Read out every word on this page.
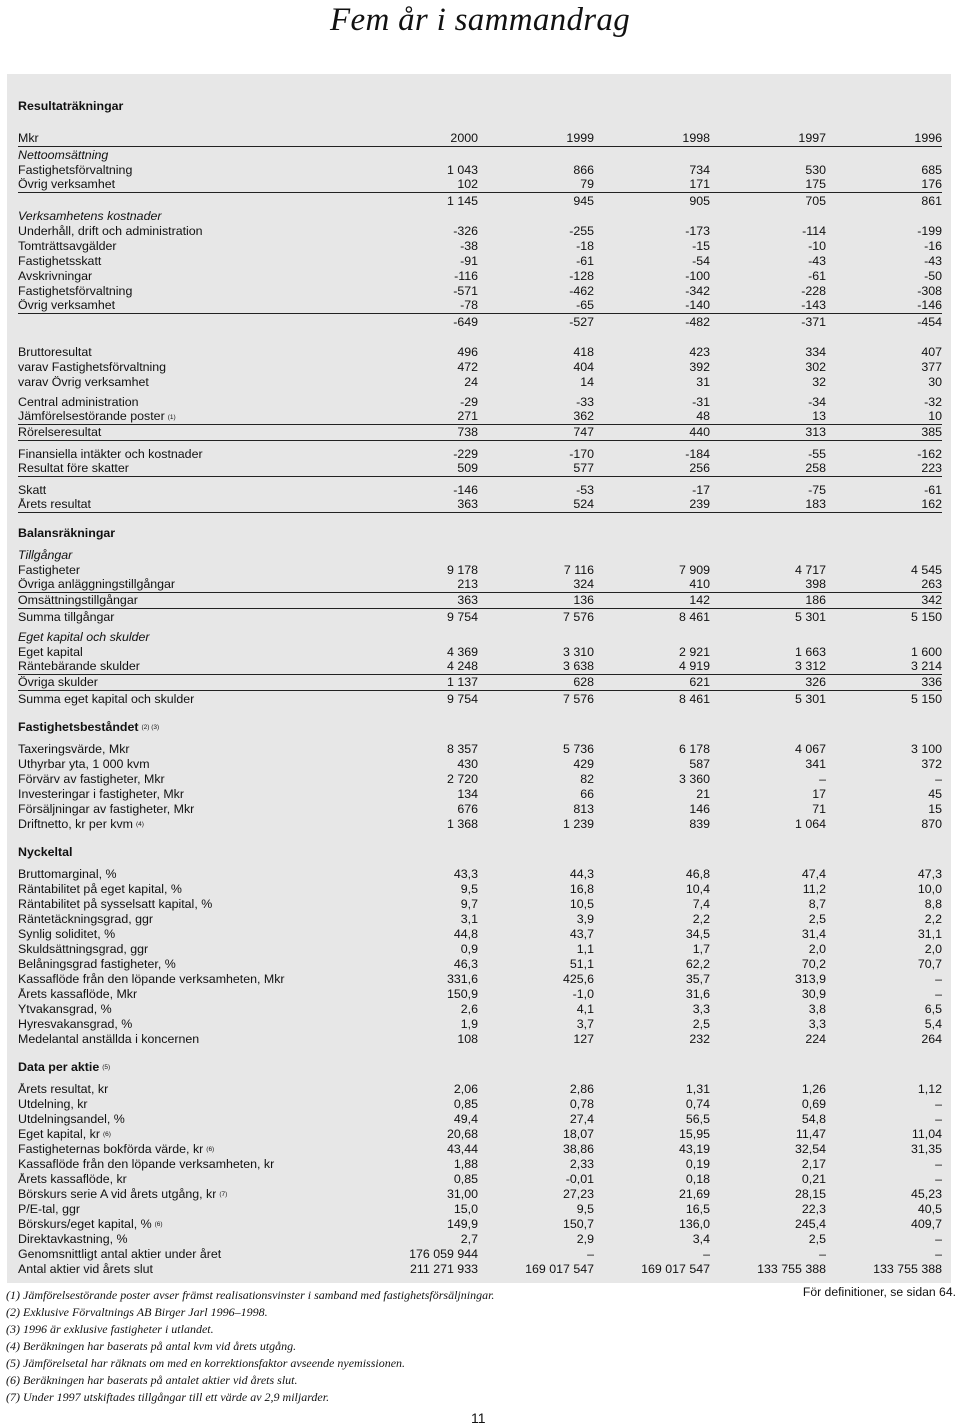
Fem år i sammandrag
Resultaträkningar
Mkr	2000	1999	1998	1997	1996
Nettoomsättning
Fastighetsförvaltning	1 043	866	734	530	685
Övrig verksamhet	102	79	171	175	176
1 145	945	905	705	861
Verksamhetens kostnader
Underhåll, drift och administration	-326	-255	-173	-114	-199
Tomträttsavgälder	-38	-18	-15	-10	-16
Fastighetsskatt	-91	-61	-54	-43	-43
Avskrivningar	-116	-128	-100	-61	-50
Fastighetsförvaltning	-571	-462	-342	-228	-308
Övrig verksamhet	-78	-65	-140	-143	-146
-649	-527	-482	-371	-454
Bruttoresultat	496	418	423	334	407
varav Fastighetsförvaltning	472	404	392	302	377
varav Övrig verksamhet	24	14	31	32	30
Central administration	-29	-33	-31	-34	-32
Jämförelsestörande poster (1)	271	362	48	13	10
Rörelseresultat	738	747	440	313	385
Finansiella intäkter och kostnader	-229	-170	-184	-55	-162
Resultat före skatter	509	577	256	258	223
Skatt	-146	-53	-17	-75	-61
Årets resultat	363	524	239	183	162
Balansräkningar
Tillgångar
Fastigheter	9 178	7 116	7 909	4 717	4 545
Övriga anläggningstillgångar	213	324	410	398	263
Omsättningstillgångar	363	136	142	186	342
Summa tillgångar	9 754	7 576	8 461	5 301	5 150
Eget kapital och skulder
Eget kapital	4 369	3 310	2 921	1 663	1 600
Räntebärande skulder	4 248	3 638	4 919	3 312	3 214
Övriga skulder	1 137	628	621	326	336
Summa eget kapital och skulder	9 754	7 576	8 461	5 301	5 150
Fastighetsbeståndet (2) (3)
Taxeringsvärde, Mkr	8 357	5 736	6 178	4 067	3 100
Uthyrbar yta, 1 000 kvm	430	429	587	341	372
Förvärv av fastigheter, Mkr	2 720	82	3 360	–	–
Investeringar i fastigheter, Mkr	134	66	21	17	45
Försäljningar av fastigheter, Mkr	676	813	146	71	15
Driftnetto, kr per kvm (4)	1 368	1 239	839	1 064	870
Nyckeltal
Bruttomarginal, %	43,3	44,3	46,8	47,4	47,3
Räntabilitet på eget kapital, %	9,5	16,8	10,4	11,2	10,0
Räntabilitet på sysselsatt kapital, %	9,7	10,5	7,4	8,7	8,8
Räntetäckningsgrad, ggr	3,1	3,9	2,2	2,5	2,2
Synlig soliditet, %	44,8	43,7	34,5	31,4	31,1
Skuldsättningsgrad, ggr	0,9	1,1	1,7	2,0	2,0
Belåningsgrad fastigheter, %	46,3	51,1	62,2	70,2	70,7
Kassaflöde från den löpande verksamheten, Mkr	331,6	425,6	35,7	313,9	–
Årets kassaflöde, Mkr	150,9	-1,0	31,6	30,9	–
Ytvakansgrad, %	2,6	4,1	3,3	3,8	6,5
Hyresvakansgrad, %	1,9	3,7	2,5	3,3	5,4
Medelantal anställda i koncernen	108	127	232	224	264
Data per aktie (5)
Årets resultat, kr	2,06	2,86	1,31	1,26	1,12
Utdelning, kr	0,85	0,78	0,74	0,69	–
Utdelningsandel, %	49,4	27,4	56,5	54,8	–
Eget kapital, kr (6)	20,68	18,07	15,95	11,47	11,04
Fastigheternas bokförda värde, kr (6)	43,44	38,86	43,19	32,54	31,35
Kassaflöde från den löpande verksamheten, kr	1,88	2,33	0,19	2,17	–
Årets kassaflöde, kr	0,85	-0,01	0,18	0,21	–
Börskurs serie A vid årets utgång, kr (7)	31,00	27,23	21,69	28,15	45,23
P/E-tal, ggr	15,0	9,5	16,5	22,3	40,5
Börskurs/eget kapital, % (6)	149,9	150,7	136,0	245,4	409,7
Direktavkastning, %	2,7	2,9	3,4	2,5	–
Genomsnittligt antal aktier under året	176 059 944	–	–	–	–
Antal aktier vid årets slut	211 271 933	169 017 547	169 017 547	133 755 388	133 755 388
För definitioner, se sidan 64.
(1) Jämförelsestörande poster avser främst realisationsvinster i samband med fastighetsförsäljningar.
(2) Exklusive Förvaltnings AB Birger Jarl 1996–1998.
(3) 1996 är exklusive fastigheter i utlandet.
(4) Beräkningen har baserats på antal kvm vid årets utgång.
(5) Jämförelsetal har räknats om med en korrektionsfaktor avseende nyemissionen.
(6) Beräkningen har baserats på antalet aktier vid årets slut.
(7) Under 1997 utskiftades tillgångar till ett värde av 2,9 miljarder.
11
